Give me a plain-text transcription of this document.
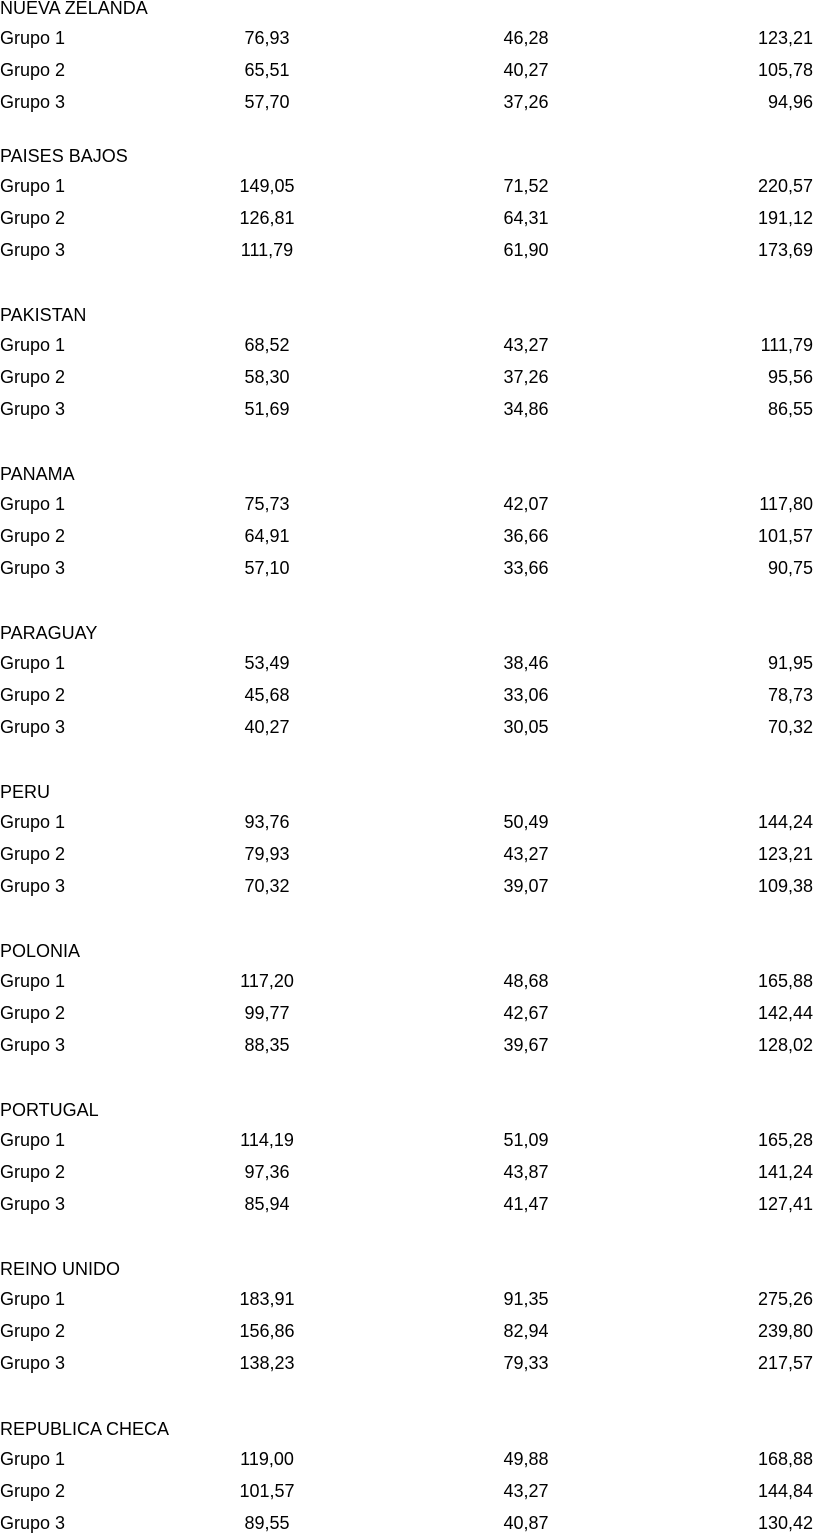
NUEVA ZELANDA
Grupo 1	76,93	46,28	123,21
Grupo 2	65,51	40,27	105,78
Grupo 3	57,70	37,26	94,96
PAISES BAJOS
Grupo 1	149,05	71,52	220,57
Grupo 2	126,81	64,31	191,12
Grupo 3	111,79	61,90	173,69
PAKISTAN
Grupo 1	68,52	43,27	111,79
Grupo 2	58,30	37,26	95,56
Grupo 3	51,69	34,86	86,55
PANAMA
Grupo 1	75,73	42,07	117,80
Grupo 2	64,91	36,66	101,57
Grupo 3	57,10	33,66	90,75
PARAGUAY
Grupo 1	53,49	38,46	91,95
Grupo 2	45,68	33,06	78,73
Grupo 3	40,27	30,05	70,32
PERU
Grupo 1	93,76	50,49	144,24
Grupo 2	79,93	43,27	123,21
Grupo 3	70,32	39,07	109,38
POLONIA
Grupo 1	117,20	48,68	165,88
Grupo 2	99,77	42,67	142,44
Grupo 3	88,35	39,67	128,02
PORTUGAL
Grupo 1	114,19	51,09	165,28
Grupo 2	97,36	43,87	141,24
Grupo 3	85,94	41,47	127,41
REINO UNIDO
Grupo 1	183,91	91,35	275,26
Grupo 2	156,86	82,94	239,80
Grupo 3	138,23	79,33	217,57
REPUBLICA CHECA
Grupo 1	119,00	49,88	168,88
Grupo 2	101,57	43,27	144,84
Grupo 3	89,55	40,87	130,42
